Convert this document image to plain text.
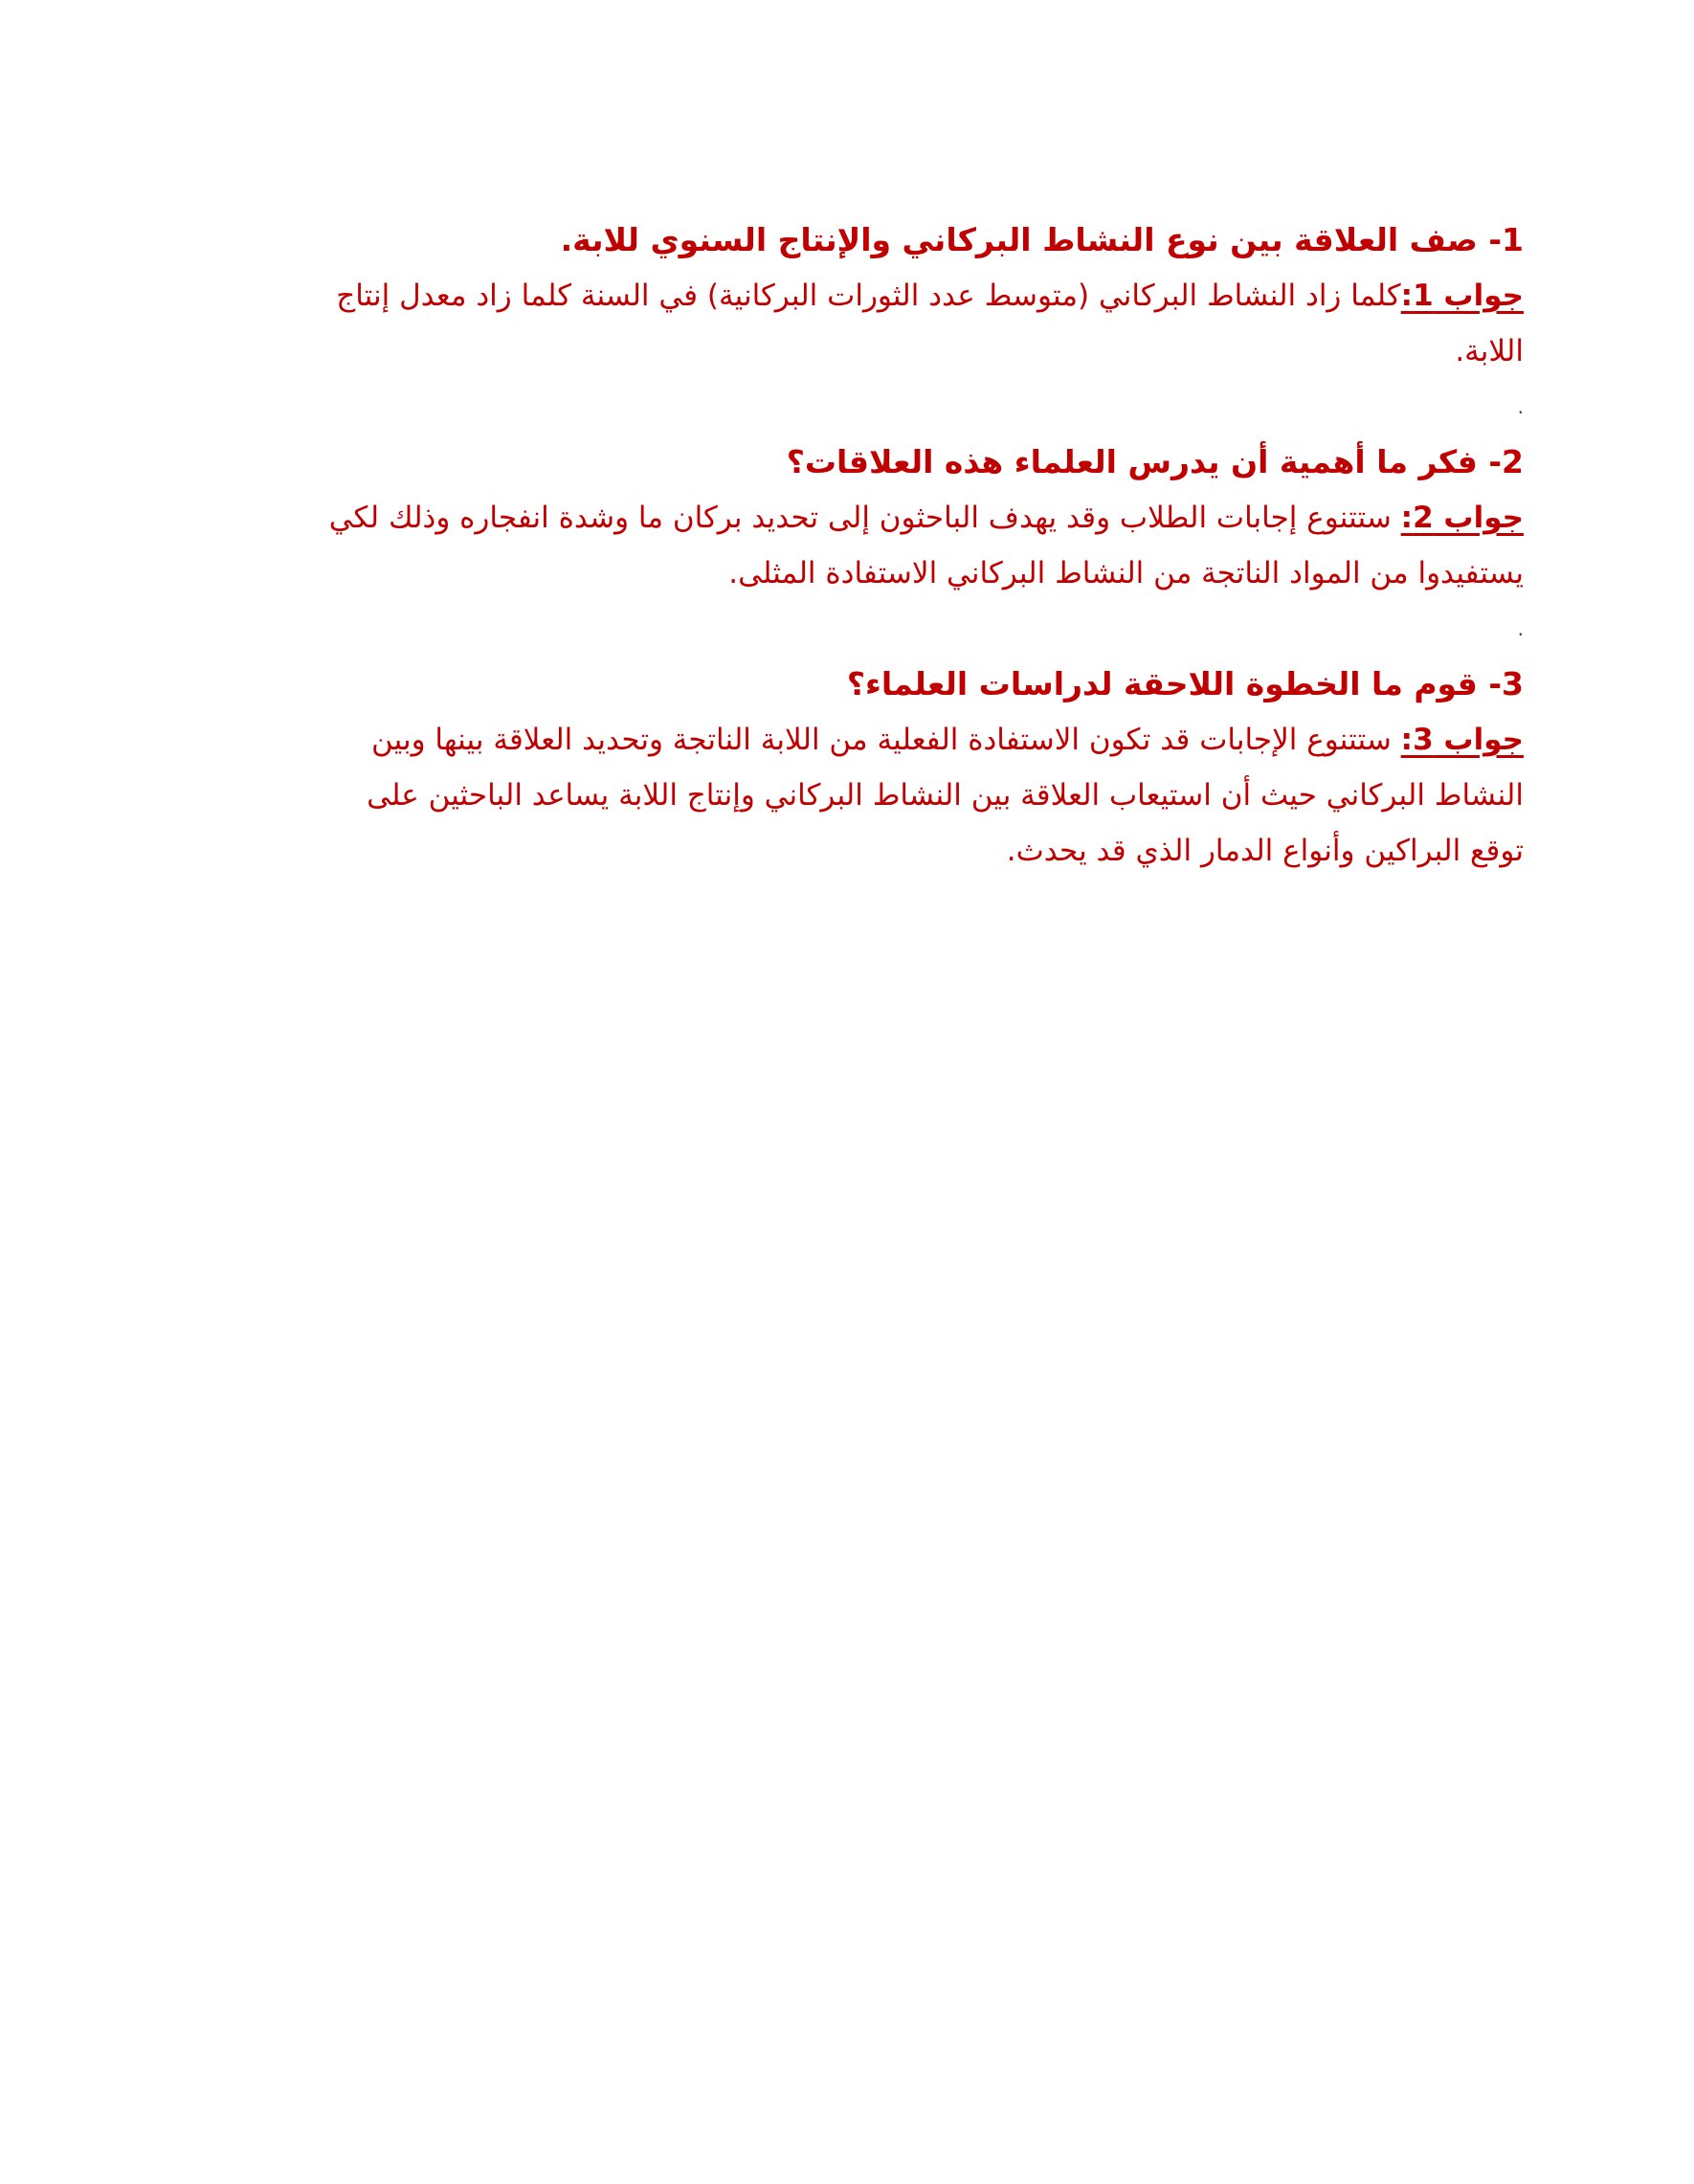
1- صف العلاقة بين نوع النشاط البركاني والإنتاج السنوي للابة.

جواب 1:كلما زاد النشاط البركاني (متوسط عدد الثورات البركانية) في السنة كلما زاد معدل إنتاج اللابة.

.

2- فكر ما أهمية أن يدرس العلماء هذه العلاقات؟

جواب 2: ستتنوع إجابات الطلاب وقد يهدف الباحثون إلى تحديد بركان ما وشدة انفجاره وذلك لكي يستفيدوا من المواد الناتجة من النشاط البركاني الاستفادة المثلى.

.

3- قوم ما الخطوة اللاحقة لدراسات العلماء؟

جواب 3: ستتنوع الإجابات قد تكون الاستفادة الفعلية من اللابة الناتجة وتحديد العلاقة بينها وبين النشاط البركاني حيث أن استيعاب العلاقة بين النشاط البركاني وإنتاج اللابة يساعد الباحثين على توقع البراكين وأنواع الدمار الذي قد يحدث.
